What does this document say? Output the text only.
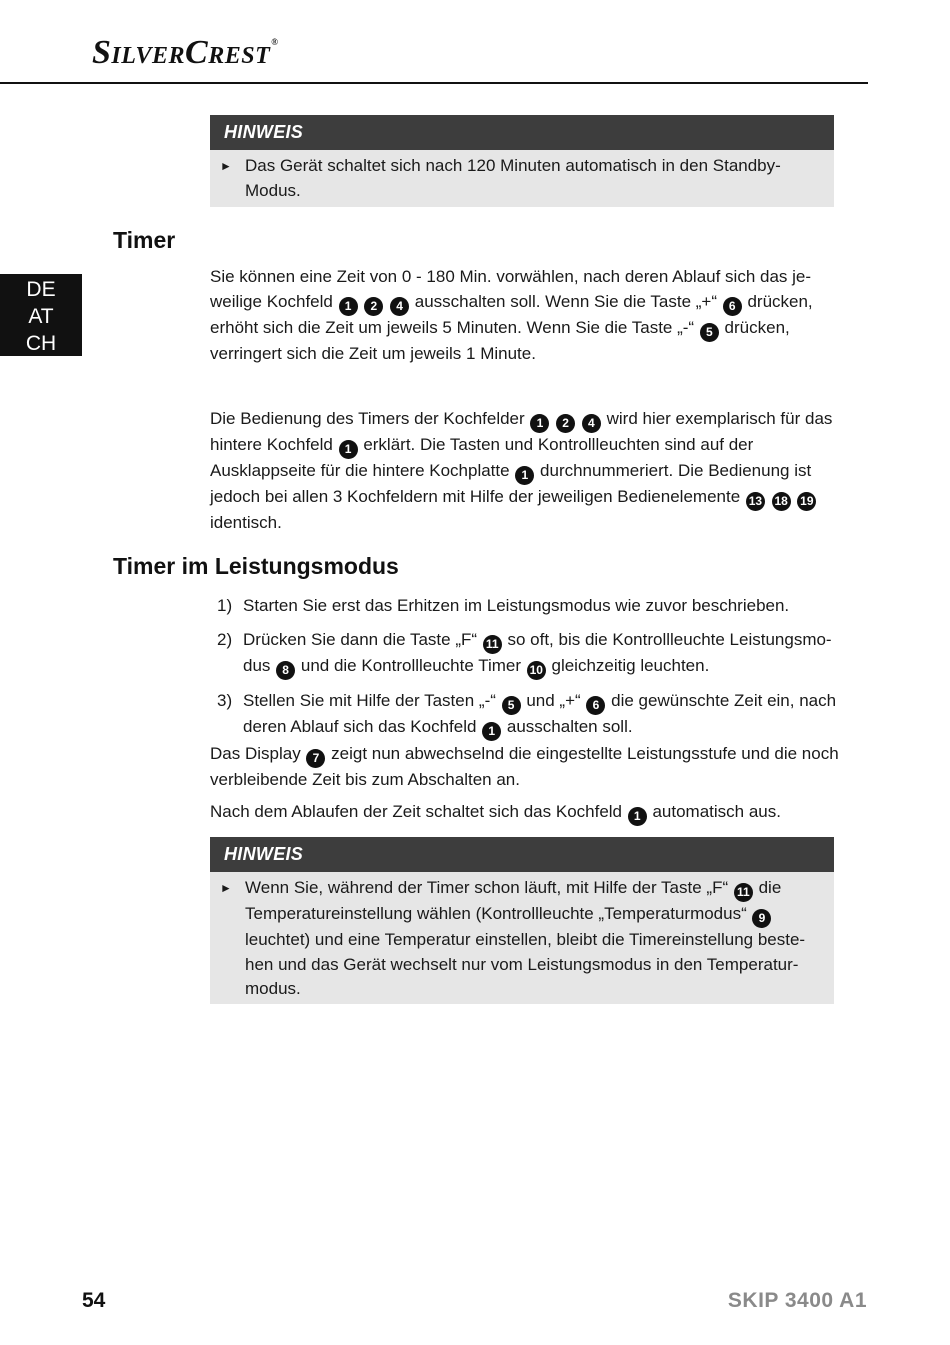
SilverCrest®
DE
AT
CH
HINWEIS
► Das Gerät schaltet sich nach 120 Minuten automatisch in den Standby-Modus.
Timer

Sie können eine Zeit von 0 - 180 Min. vorwählen, nach deren Ablauf sich das je-weilige Kochfeld 1 2 4 ausschalten soll. Wenn Sie die Taste „+“ 6 drücken, erhöht sich die Zeit um jeweils 5 Minuten. Wenn Sie die Taste „-“ 5 drücken, verringert sich die Zeit um jeweils 1 Minute.

Die Bedienung des Timers der Kochfelder 1 2 4 wird hier exemplarisch für das hintere Kochfeld 1 erklärt. Die Tasten und Kontrollleuchten sind auf der Ausklappseite für die hintere Kochplatte 1 durchnummeriert. Die Bedienung ist jedoch bei allen 3 Kochfeldern mit Hilfe der jeweiligen Bedienelemente 13 18 19 identisch.

Timer im Leistungsmodus
1) Starten Sie erst das Erhitzen im Leistungsmodus wie zuvor beschrieben.
2) Drücken Sie dann die Taste „F“ 11 so oft, bis die Kontrollleuchte Leistungsmo-dus 8 und die Kontrollleuchte Timer 10 gleichzeitig leuchten.
3) Stellen Sie mit Hilfe der Tasten „-“ 5 und „+“ 6 die gewünschte Zeit ein, nach deren Ablauf sich das Kochfeld 1 ausschalten soll.

Das Display 7 zeigt nun abwechselnd die eingestellte Leistungsstufe und die noch verbleibende Zeit bis zum Abschalten an.

Nach dem Ablaufen der Zeit schaltet sich das Kochfeld 1 automatisch aus.

HINWEIS
► Wenn Sie, während der Timer schon läuft, mit Hilfe der Taste „F“ 11 die Temperatureinstellung wählen (Kontrollleuchte „Temperaturmodus“ 9 leuchtet) und eine Temperatur einstellen, bleibt die Timereinstellung beste-hen und das Gerät wechselt nur vom Leistungsmodus in den Temperatur-modus.
54	SKIP 3400 A1
